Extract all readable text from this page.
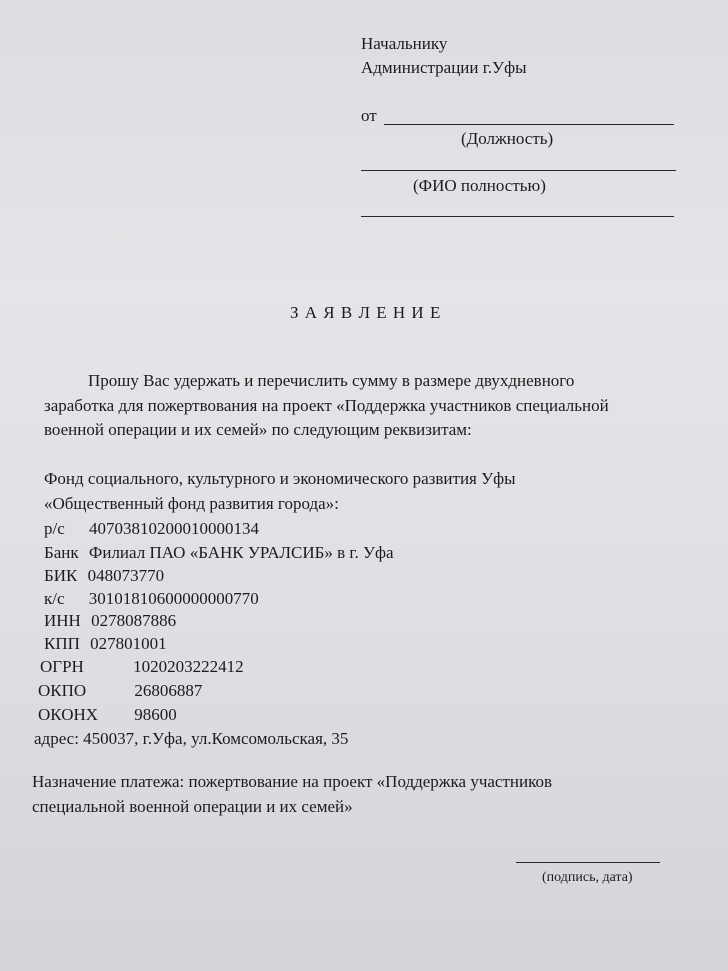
Начальнику
Администрации г.Уфы
от
(Должность)
(ФИО полностью)
З А Я В Л Е Н И Е
Прошу Вас удержать и перечислить сумму в размере двухдневного
заработка для пожертвования на проект «Поддержка участников специальной
военной операции и их семей» по следующим реквизитам:
Фонд социального, культурного и экономического развития Уфы
«Общественный фонд развития города»:
р/с 40703810200010000134
Банк Филиал ПАО «БАНК УРАЛСИБ» в г. Уфа
БИК 048073770
к/с 30101810600000000770
ИНН 0278087886
КПП 027801001
ОГРН	1020203222412
ОКПО	26806887
ОКОНХ 98600
адрес: 450037, г.Уфа, ул.Комсомольская, 35
Назначение платежа: пожертвование на проект «Поддержка участников
специальной военной операции и их семей»
(подпись, дата)
